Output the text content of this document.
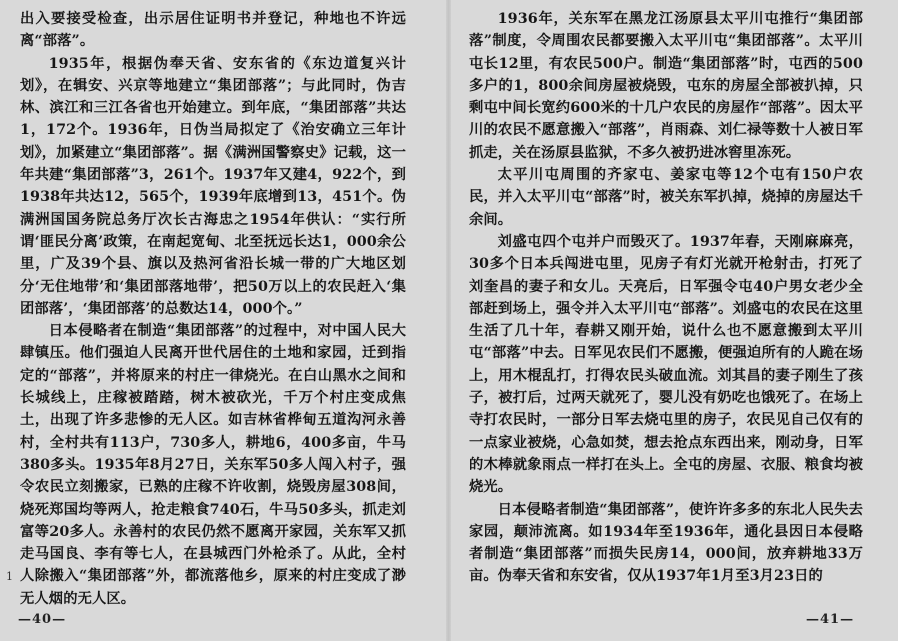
出入要接受检查，出示居住证明书并登记，种地也不许远离“部落”。

1935年，根据伪奉天省、安东省的《东边道复兴计划》，在辑安、兴京等地建立“集团部落”；与此同时，伪吉林、滨江和三江各省也开始建立。到年底，“集团部落”共达1，172个。1936年，日伪当局拟定了《治安确立三年计划》，加紧建立“集团部落”。据《满洲国警察史》记载，这一年共建“集团部落”3，261个。1937年又建4，922个，到1938年共达12，565个，1939年底增到13，451个。伪满洲国国务院总务厅次长古海忠之1954年供认：“实行所谓‘匪民分离’政策，在南起宽甸、北至抚远长达1，000余公里，广及39个县、旗以及热河省沿长城一带的广大地区划分‘无住地带’和‘集团部落地带’，把50万以上的农民赶入‘集团部落’，‘集团部落’的总数达14，000个。”

日本侵略者在制造“集团部落”的过程中，对中国人民大肆镇压。他们强迫人民离开世代居住的土地和家园，迁到指定的“部落”，并将原来的村庄一律烧光。在白山黑水之间和长城线上，庄稼被踏踏，树木被砍光，千万个村庄变成焦土，出现了许多悲惨的无人区。如吉林省桦甸五道沟河永善村，全村共有113户，730多人，耕地6，400多亩，牛马380多头。1935年8月27日，关东军50多人闯入村子，强令农民立刻搬家，已熟的庄稼不许收割，烧毁房屋308间，烧死郑国均等两人，抢走粮食740石，牛马50多头，抓走刘富等20多人。永善村的农民仍然不愿离开家园，关东军又抓走马国良、李有等七人，在县城西门外枪杀了。从此，全村人除搬入“集团部落”外，都流落他乡，原来的村庄变成了渺无人烟的无人区。

1
—40—

1936年，关东军在黑龙江汤原县太平川屯推行“集团部落”制度，令周围农民都要搬入太平川屯“集团部落”。太平川屯长12里，有农民500户。制造“集团部落”时，屯西的500多户的1，800余间房屋被烧毁，屯东的房屋全部被扒掉，只剩屯中间长宽约600米的十几户农民的房屋作“部落”。因太平川的农民不愿意搬入“部落”，肖雨森、刘仁禄等数十人被日军抓走，关在汤原县监狱，不多久被扔进冰窖里冻死。

太平川屯周围的齐家屯、姜家屯等12个屯有150户农民，并入太平川屯“部落”时，被关东军扒掉，烧掉的房屋达千余间。

刘盛屯四个屯并户而毁灭了。1937年春，天刚麻麻亮，30多个日本兵闯进屯里，见房子有灯光就开枪射击，打死了刘奎昌的妻子和女儿。天亮后，日军强令屯40户男女老少全部赶到场上，强令并入太平川屯“部落”。刘盛屯的农民在这里生活了几十年，春耕又刚开始，说什么也不愿意搬到太平川屯“部落”中去。日军见农民们不愿搬，便强迫所有的人跪在场上，用木棍乱打，打得农民头破血流。刘其昌的妻子刚生了孩子，被打后，过两天就死了，婴儿没有奶吃也饿死了。在场上寺打农民时，一部分日军去烧屯里的房子，农民见自己仅有的一点家业被烧，心急如焚，想去抢点东西出来，刚动身，日军的木棒就象雨点一样打在头上。全屯的房屋、衣服、粮食均被烧光。

日本侵略者制造“集团部落”，使许许多多的东北人民失去家园，颠沛流离。如1934年至1936年，通化县因日本侵略者制造“集团部落”而损失民房14，000间，放弃耕地33万亩。伪奉天省和东安省，仅从1937年1月至3月23日的

—41—
